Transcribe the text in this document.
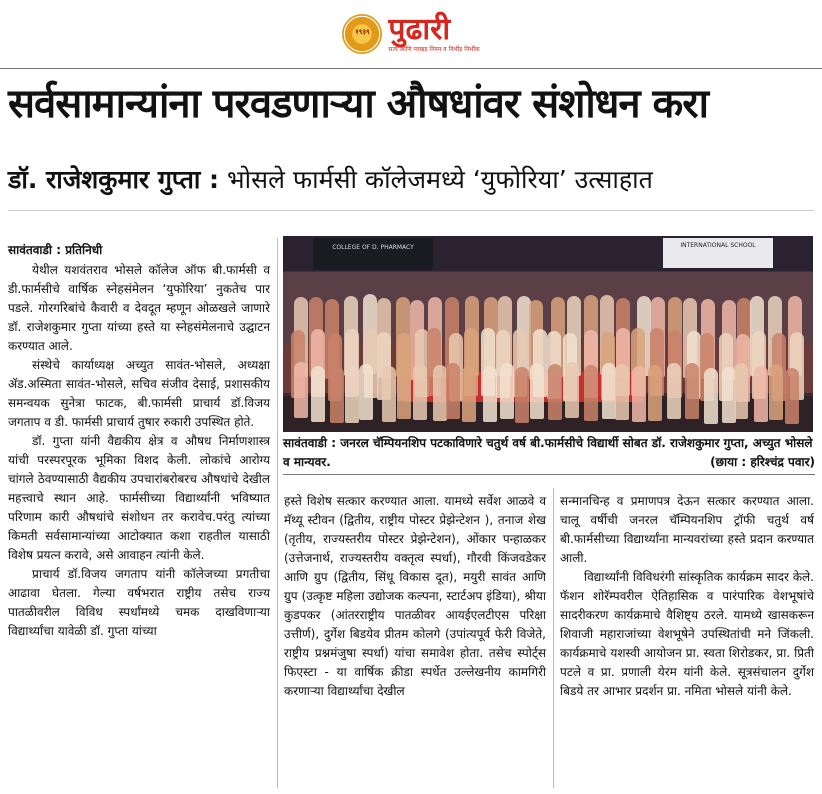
१९३९ पुढारी
सत्य आणि परखड़ नियम व निर्भीड़ निर्भीक
सर्वसामान्यांना परवडणाऱ्या औषधांवर संशोधन करा
डॉ. राजेशकुमार गुप्ता : भोसले फार्मसी कॉलेजमध्ये ‘युफोरिया’ उत्साहात
सावंतवाडी : प्रतिनिधी

येथील यशवंतराव भोसले कॉलेज ऑफ बी.फार्मसी व डी.फार्मसीचे वार्षिक स्नेहसंमेलन ‘युफोरिया’ नुकतेच पार पडले. गोरगरिबांचे कैवारी व देवदूत म्हणून ओळखले जाणारे डॉ. राजेशकुमार गुप्ता यांच्या हस्ते या स्नेहसंमेलनाचे उद्घाटन करण्यात आले.

संस्थेचे कार्याध्यक्ष अच्युत सावंत-भोसले, अध्यक्षा ॲड.अस्मिता सावंत-भोसले, सचिव संजीव देसाई, प्रशासकीय समन्वयक सुनेत्रा फाटक, बी.फार्मसी प्राचार्य डॉ.विजय जगताप व डी. फार्मसी प्राचार्य तुषार रुकारी उपस्थित होते.

डॉ. गुप्ता यांनी वैद्यकीय क्षेत्र व औषध निर्माणशास्त्र यांची परस्परपूरक भूमिका विशद केली. लोकांचे आरोग्य चांगले ठेवण्यासाठी वैद्यकीय उपचारांबरोबरच औषधांचे देखील महत्त्वाचे स्थान आहे. फार्मसीच्या विद्यार्थ्यांनी भविष्यात परिणाम कारी औषधांचे संशोधन तर करावेच.परंतु त्यांच्या किमती सर्वसामान्यांच्या आटोक्यात कशा राहतील यासाठी विशेष प्रयत्न करावे, असे आवाहन त्यांनी केले.

प्राचार्य डॉ.विजय जगताप यांनी कॉलेजच्या प्रगतीचा आढावा घेतला. गेल्या वर्षभरात राष्ट्रीय तसेच राज्य पातळीवरील विविध स्पर्धांमध्ये चमक दाखविणाऱ्या विद्यार्थ्यांचा यावेळी डॉ. गुप्ता यांच्या

COLLEGE OF D. PHARMACY	INTERNATIONAL SCHOOL
सावंतवाडी : जनरल चॅम्पियनशिप पटकाविणारे चतुर्थ वर्ष बी.फार्मसीचे विद्यार्थी सोबत डॉ. राजेशकुमार गुप्ता, अच्युत भोसले व मान्यवर.	(छाया : हरिश्चंद्र पवार)

हस्ते विशेष सत्कार करण्यात आला. यामध्ये सर्वेश आळवे व मॅथ्यू स्टीवन (द्वितीय, राष्ट्रीय पोस्टर प्रेझेन्टेशन ), तनाज शेख (तृतीय, राज्यस्तरीय पोस्टर प्रेझेन्टेशन), ओंकार पन्हाळकर (उत्तेजनार्थ, राज्यस्तरीय वक्तृत्व स्पर्धा), गौरवी किंजवडेकर आणि ग्रुप (द्वितीय, सिंधू विकास दूत), मयुरी सावंत आणि ग्रुप (उत्कृष्ट महिला उद्योजक कल्पना, स्टार्टअप इंडिया), श्रीया कुडपकर (आंतरराष्ट्रीय पातळीवर आयईएलटीएस परिक्षा उत्तीर्ण), दुर्गेश बिडयेव प्रीतम कोलगे (उपांत्यपूर्व फेरी विजेते, राष्ट्रीय प्रश्नमंजुषा स्पर्धा) यांचा समावेश होता. तसेच स्पोर्ट्स फिएस्टा - या वार्षिक क्रीडा स्पर्धेत उल्लेखनीय कामगिरी करणाऱ्या विद्यार्थ्यांचा देखील

सन्मानचिन्ह व प्रमाणपत्र देऊन सत्कार करण्यात आला. चालू वर्षीची जनरल चॅम्पियनशिप ट्रॉफी चतुर्थ वर्ष बी.फार्मसीच्या विद्यार्थ्यांना मान्यवरांच्या हस्ते प्रदान करण्यात आली.

विद्यार्थ्यांनी विविधरंगी सांस्कृतिक कार्यक्रम सादर केले. फॅशन शोरॅम्पवरील ऐतिहासिक व पारंपारिक वेशभूषांचे सादरीकरण कार्यक्रमाचे वैशिष्ट्य ठरले. यामध्ये खासकरून शिवाजी महाराजांच्या वेशभूषेने उपस्थितांची मने जिंकली. कार्यक्रमाचे यशस्वी आयोजन प्रा. स्वता शिरोडकर, प्रा. प्रिती पटले व प्रा. प्रणाली येरम यांनी केले. सूत्रसंचालन दुर्गेश बिडये तर आभार प्रदर्शन प्रा. नमिता भोसले यांनी केले.
